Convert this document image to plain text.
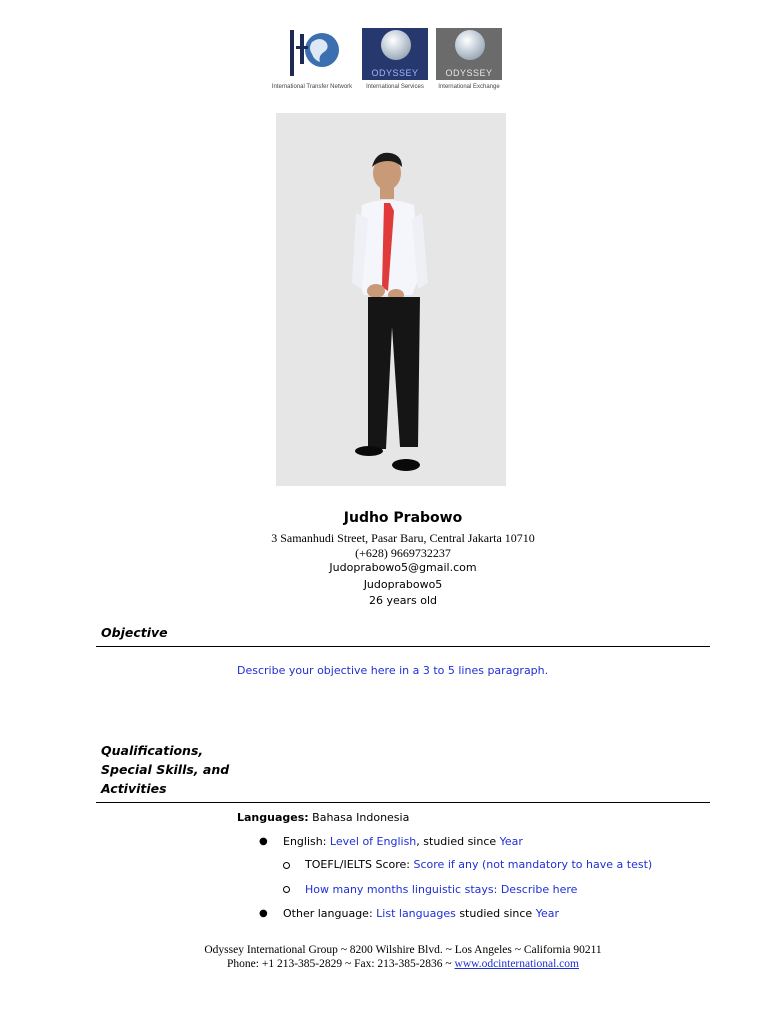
International Transfer Network
ODYSSEY
International Services
ODYSSEY
International Exchange
Judho Prabowo
3 Samanhudi Street, Pasar Baru, Central Jakarta 10710
(+628) 9669732237
Judoprabowo5@gmail.com
Judoprabowo5
26 years old
Objective
Describe your objective here in a 3 to 5 lines paragraph.
Qualifications,
Special Skills, and
Activities
Languages: Bahasa Indonesia
● English: Level of English, studied since Year
TOEFL/IELTS Score: Score if any (not mandatory to have a test)
How many months linguistic stays: Describe here
● Other language: List languages studied since Year
Odyssey International Group ~ 8200 Wilshire Blvd. ~ Los Angeles ~ California 90211
Phone: +1 213-385-2829 ~ Fax: 213-385-2836 ~ www.odcinternational.com
